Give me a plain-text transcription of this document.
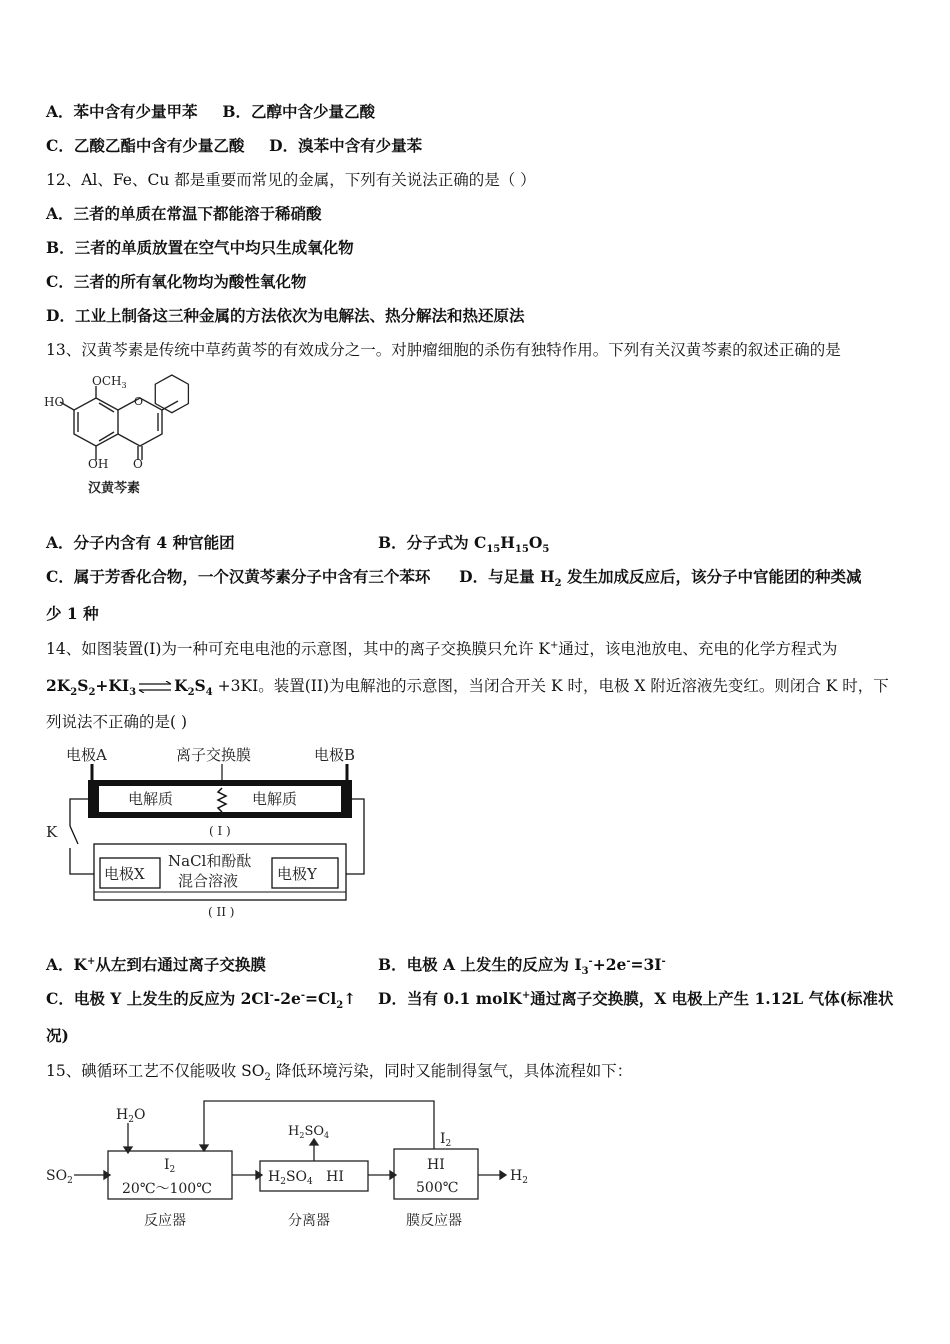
A．苯中含有少量甲苯 B．乙醇中含少量乙酸
C．乙酸乙酯中含有少量乙酸 D．溴苯中含有少量苯
12、Al、Fe、Cu 都是重要而常见的金属，下列有关说法正确的是（ ）
A．三者的单质在常温下都能溶于稀硝酸
B．三者的单质放置在空气中均只生成氧化物
C．三者的所有氧化物均为酸性氧化物
D．工业上制备这三种金属的方法依次为电解法、热分解法和热还原法
13、汉黄芩素是传统中草药黄芩的有效成分之一。对肿瘤细胞的杀伤有独特作用。下列有关汉黄芩素的叙述正确的是
$OCH_3$
HO	O
OH O
汉黄芩素
A．分子内含有 4 种官能团	B．分子式为 $C_{15}H_{15}O_5$
C．属于芳香化合物，一个汉黄芩素分子中含有三个苯环 D．与足量 $H_2$ 发生加成反应后，该分子中官能团的种类减
少 1 种
14、如图装置(I)为一种可充电电池的示意图，其中的离子交换膜只允许 K+通过，该电池放电、充电的化学方程式为
$2K_2S_2+KI_3$ ⇌ $K_2S_4 +3KI$。装置(II)为电解池的示意图，当闭合开关 K 时，电极 X 附近溶液先变红。则闭合 K 时，下
列说法不正确的是( )
电极A	离子交换膜	电极B
电解质	电解质
( I )
K
电极X
NaCl和酚酞
混合溶液	电极Y
( II )
A．K+从左到右通过离子交换膜	B．电极 A 上发生的反应为 $I_3^-+2e^-=3I^-$
C．电极 Y 上发生的反应为 $2Cl^--2e^-=Cl_2↑$ D．当有 0.1 molK+通过离子交换膜，X 电极上产生 1.12L 气体(标准状
况)
15、碘循环工艺不仅能吸收 $SO_2$ 降低环境污染，同时又能制得氢气，具体流程如下：
$SO_2$
$H_2O$
$I_2$
20℃～100℃
反应器
$H_2SO_4$
$H_2SO_4$   HI
分离器
$I_2$
HI
500℃
膜反应器
$H_2$
